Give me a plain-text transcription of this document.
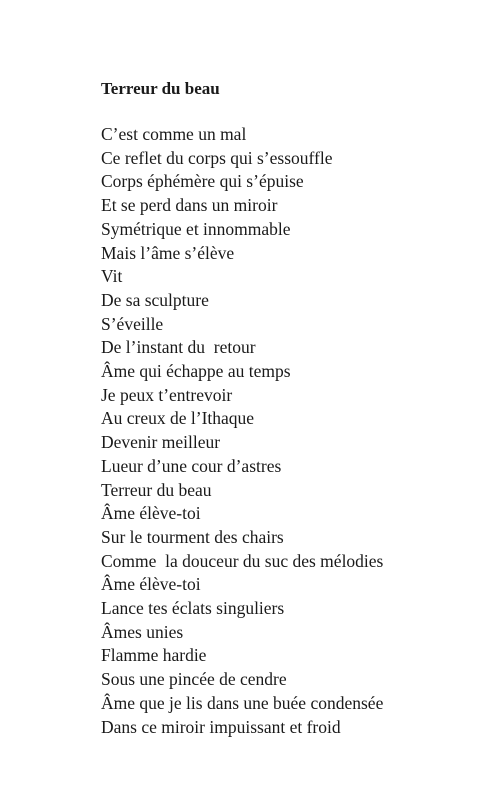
Terreur du beau
C’est comme un mal
Ce reflet du corps qui s’essouffle
Corps éphémère qui s’épuise
Et se perd dans un miroir
Symétrique et innommable
Mais l’âme s’élève
Vit
De sa sculpture
S’éveille
De l’instant du  retour
Âme qui échappe au temps
Je peux t’entrevoir
Au creux de l’Ithaque
Devenir meilleur
Lueur d’une cour d’astres
Terreur du beau
Âme élève-toi
Sur le tourment des chairs
Comme  la douceur du suc des mélodies
Âme élève-toi
Lance tes éclats singuliers
Âmes unies
Flamme hardie
Sous une pincée de cendre
Âme que je lis dans une buée condensée
Dans ce miroir impuissant et froid
